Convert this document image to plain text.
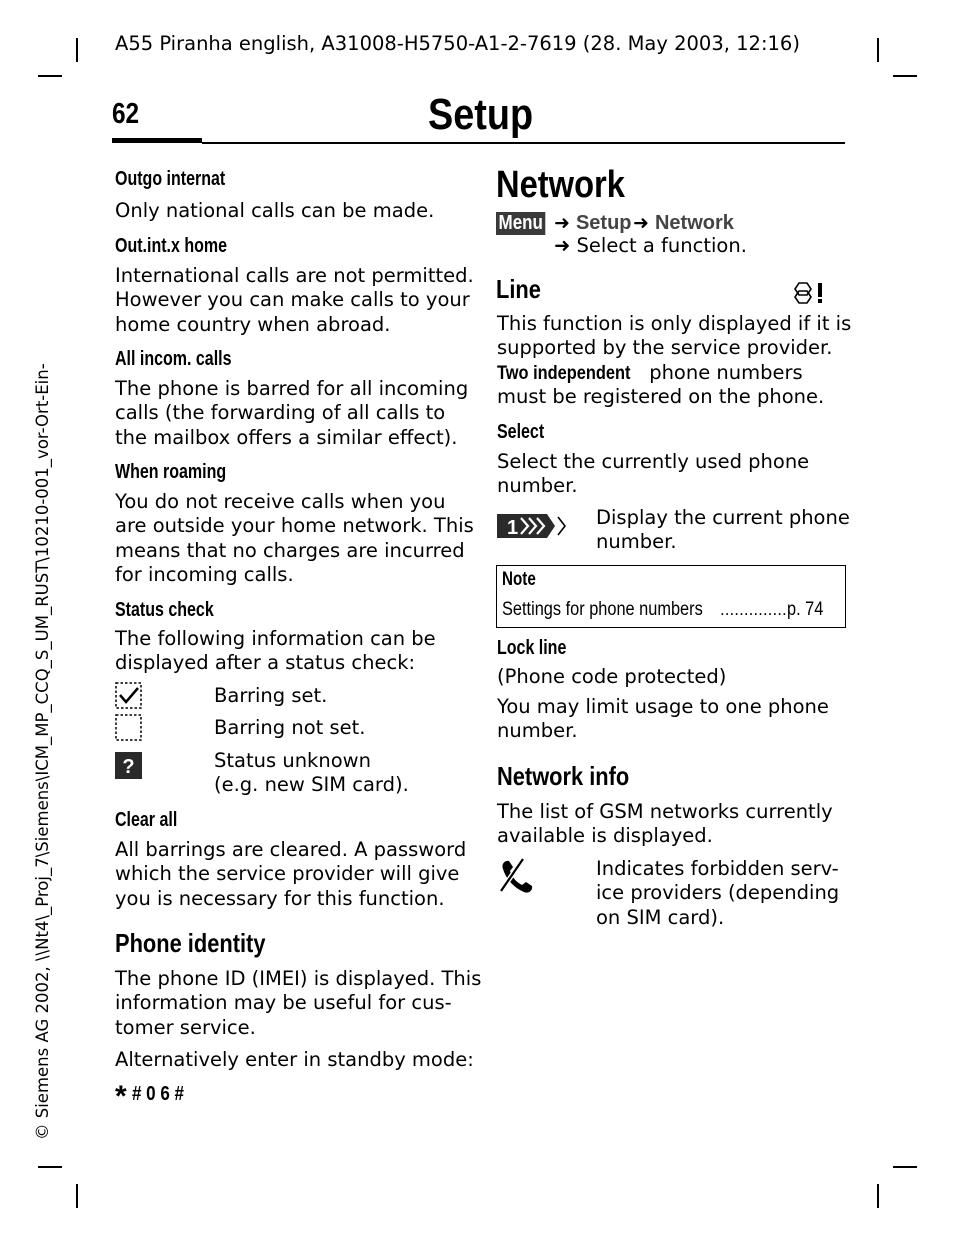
A55 Piranha english, A31008-H5750-A1-2-7619 (28. May 2003, 12:16)
62	Setup
© Siemens AG 2002, \\Nt4\_Proj_7\Siemens\ICM_MP_CCQ_S_UM_RUST\10210-001_vor-Ort-Ein-
Outgo internat
Only national calls can be made.
Out.int.x home
International calls are not permitted.
However you can make calls to your
home country when abroad.
All incom. calls
The phone is barred for all incoming
calls (the forwarding of all calls to
the mailbox offers a similar effect).
When roaming
You do not receive calls when you
are outside your home network. This
means that no charges are incurred
for incoming calls.
Status check
The following information can be
displayed after a status check:
Barring set.
Barring not set.
?	Status unknown
(e.g. new SIM card).
Clear all
All barrings are cleared. A password
which the service provider will give
you is necessary for this function.
Phone identity
The phone ID (IMEI) is displayed. This
information may be useful for cus-
tomer service.
Alternatively enter in standby mode:
* # 0 6 #
Network
Menu ➜ Setup ➜ Network
➜ Select a function.
Line
This function is only displayed if it is
supported by the service provider.
Two independent phone numbers
must be registered on the phone.
Select
Select the currently used phone
number.
1	Display the current phone
number.
Note
Settings for phone numbers ..............p. 74
Lock line
(Phone code protected)
You may limit usage to one phone
number.
Network info
The list of GSM networks currently
available is displayed.
Indicates forbidden serv-
ice providers (depending
on SIM card).
